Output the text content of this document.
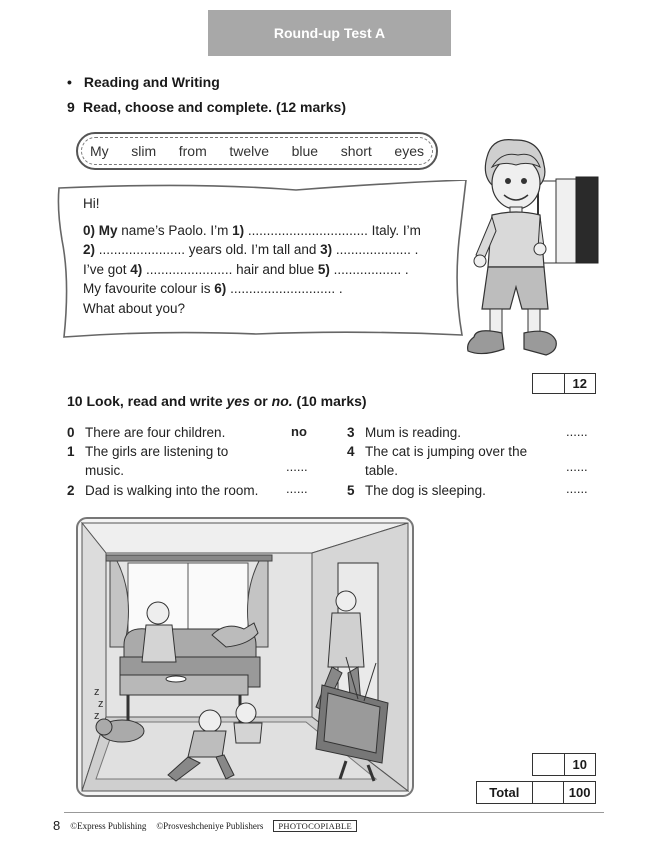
Round-up Test A
• Reading and Writing
9 Read, choose and complete. (12 marks)
My slim from twelve blue short eyes
Hi!
0) My name’s Paolo. I’m 1) ................................ Italy. I’m
2) ....................... years old. I’m tall and 3) .................... .
I’ve got 4) ....................... hair and blue 5) .................. .
My favourite colour is 6) ............................ .
What about you?
12
10 Look, read and write yes or no. (10 marks)
0 There are four children.	no
1 The girls are listening to
music.	......
2 Dad is walking into the room. ......
3 Mum is reading.	......
4 The cat is jumping over the
table.	......
5 The dog is sleeping.	......
z
z
z
10
Total	100
8 ©Express Publishing ©Prosveshcheniye Publishers	PHOTOCOPIABLE
